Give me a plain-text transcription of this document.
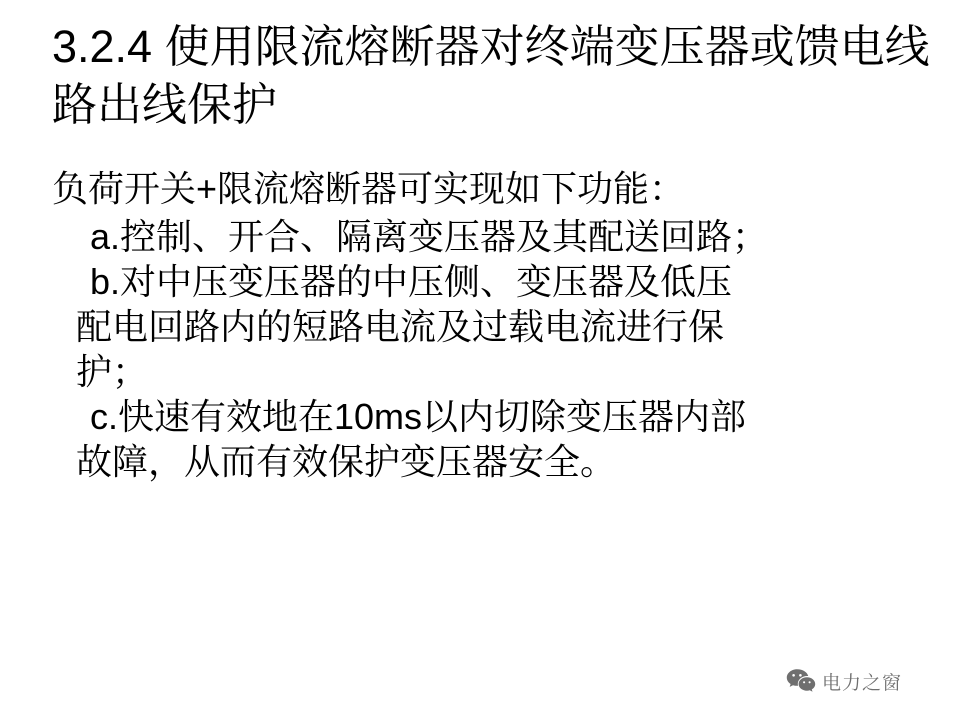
3.2.4 使用限流熔断器对终端变压器或馈电线路出线保护

负荷开关+限流熔断器可实现如下功能：

a.控制、开合、隔离变压器及其配送回路；

b.对中压变压器的中压侧、变压器及低压

配电回路内的短路电流及过载电流进行保

护；

c.快速有效地在10ms以内切除变压器内部

故障，从而有效保护变压器安全。

电力之窗
